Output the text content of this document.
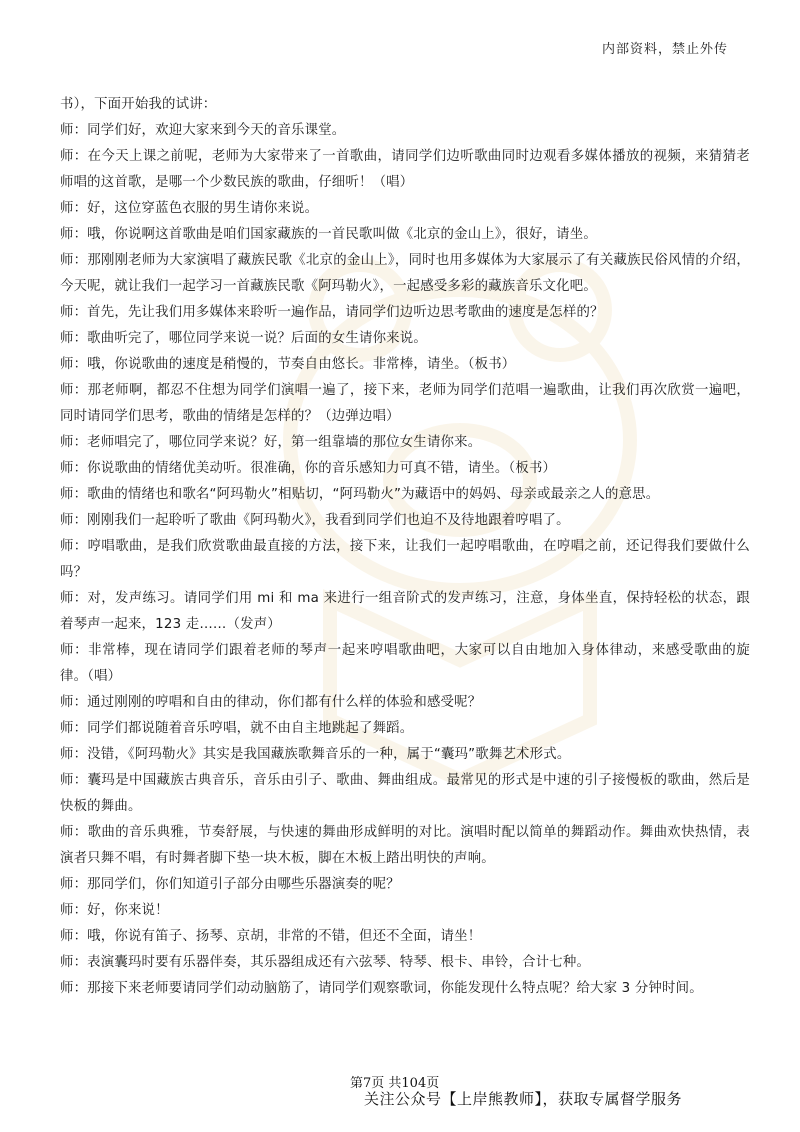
内部资料，禁止外传

书），下面开始我的试讲：

师：同学们好，欢迎大家来到今天的音乐课堂。

师：在今天上课之前呢，老师为大家带来了一首歌曲，请同学们边听歌曲同时边观看多媒体播放的视频，来猜猜老师唱的这首歌，是哪一个少数民族的歌曲，仔细听！（唱）

师：好，这位穿蓝色衣服的男生请你来说。

师：哦，你说啊这首歌曲是咱们国家藏族的一首民歌叫做《北京的金山上》，很好，请坐。

师：那刚刚老师为大家演唱了藏族民歌《北京的金山上》，同时也用多媒体为大家展示了有关藏族民俗风情的介绍，今天呢，就让我们一起学习一首藏族民歌《阿玛勒火》，一起感受多彩的藏族音乐文化吧。

师：首先，先让我们用多媒体来聆听一遍作品，请同学们边听边思考歌曲的速度是怎样的？

师：歌曲听完了，哪位同学来说一说？后面的女生请你来说。

师：哦，你说歌曲的速度是稍慢的，节奏自由悠长。非常棒，请坐。（板书）

师：那老师啊，都忍不住想为同学们演唱一遍了，接下来，老师为同学们范唱一遍歌曲，让我们再次欣赏一遍吧，同时请同学们思考，歌曲的情绪是怎样的？（边弹边唱）

师：老师唱完了，哪位同学来说？好，第一组靠墙的那位女生请你来。

师：你说歌曲的情绪优美动听。很准确，你的音乐感知力可真不错，请坐。（板书）

师：歌曲的情绪也和歌名“阿玛勒火”相贴切，“阿玛勒火”为藏语中的妈妈、母亲或最亲之人的意思。

师：刚刚我们一起聆听了歌曲《阿玛勒火》，我看到同学们也迫不及待地跟着哼唱了。

师：哼唱歌曲，是我们欣赏歌曲最直接的方法，接下来，让我们一起哼唱歌曲，在哼唱之前，还记得我们要做什么吗？

师：对，发声练习。请同学们用 mi 和 ma 来进行一组音阶式的发声练习，注意，身体坐直，保持轻松的状态，跟着琴声一起来，123 走……（发声）

师：非常棒，现在请同学们跟着老师的琴声一起来哼唱歌曲吧，大家可以自由地加入身体律动，来感受歌曲的旋律。（唱）

师：通过刚刚的哼唱和自由的律动，你们都有什么样的体验和感受呢？

师：同学们都说随着音乐哼唱，就不由自主地跳起了舞蹈。

师：没错，《阿玛勒火》其实是我国藏族歌舞音乐的一种，属于“囊玛”歌舞艺术形式。

师：囊玛是中国藏族古典音乐，音乐由引子、歌曲、舞曲组成。最常见的形式是中速的引子接慢板的歌曲，然后是快板的舞曲。

师：歌曲的音乐典雅，节奏舒展，与快速的舞曲形成鲜明的对比。演唱时配以简单的舞蹈动作。舞曲欢快热情，表演者只舞不唱，有时舞者脚下垫一块木板，脚在木板上踏出明快的声响。

师：那同学们，你们知道引子部分由哪些乐器演奏的呢？

师：好，你来说！

师：哦，你说有笛子、扬琴、京胡，非常的不错，但还不全面，请坐！

师：表演囊玛时要有乐器伴奏，其乐器组成还有六弦琴、特琴、根卡、串铃，合计七种。

师：那接下来老师要请同学们动动脑筋了，请同学们观察歌词，你能发现什么特点呢？给大家 3 分钟时间。

第7页 共104页
关注公众号【上岸熊教师】，获取专属督学服务
